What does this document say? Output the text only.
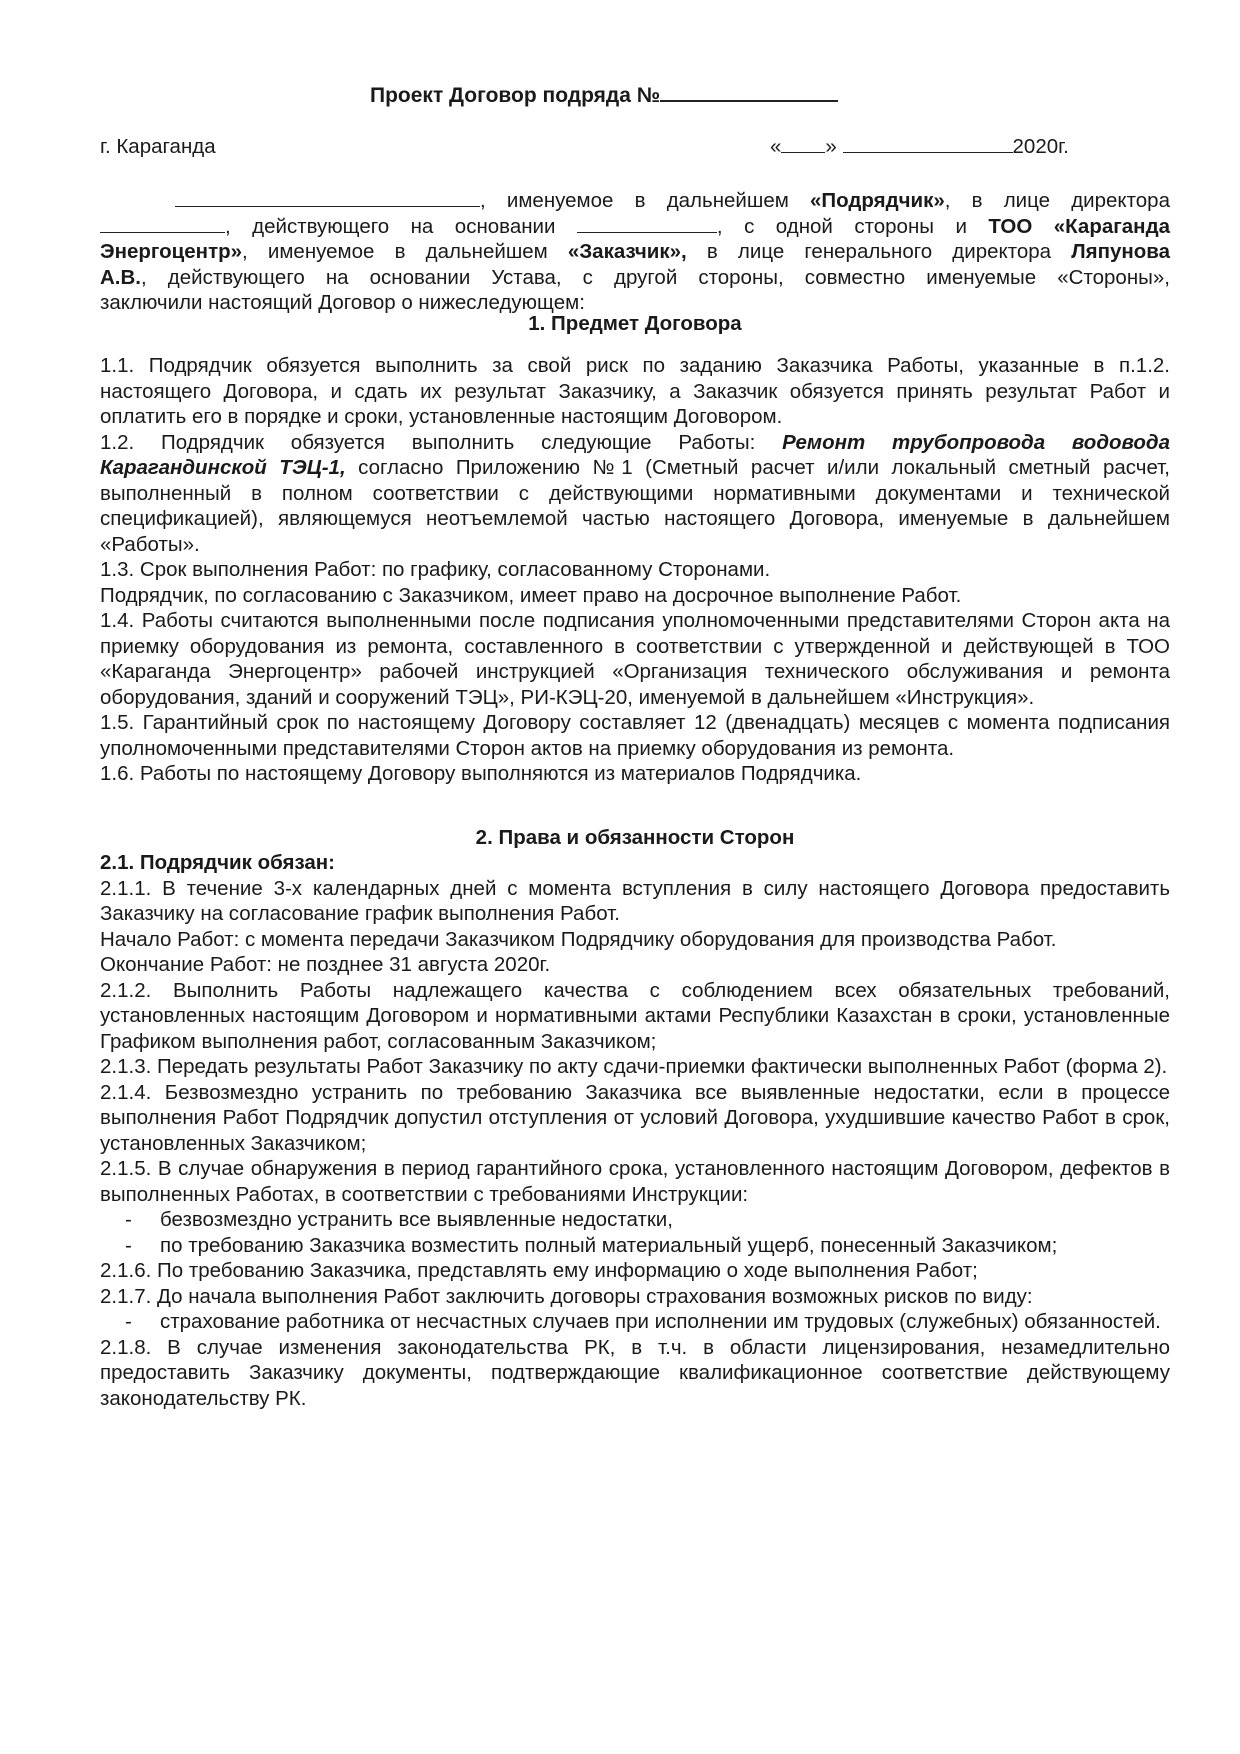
Проект Договор подряда №
г. Караганда	« »	2020г.
, именуемое в дальнейшем «Подрядчик», в лице директора
, действующего на основании	, с одной стороны и ТОО «Караганда
Энергоцентр», именуемое в дальнейшем «Заказчик», в лице генерального директора Ляпунова
А.В., действующего на основании Устава, с другой стороны, совместно именуемые «Стороны»,
заключили настоящий Договор о нижеследующем:
1. Предмет Договора
1.1. Подрядчик обязуется выполнить за свой риск по заданию Заказчика Работы, указанные в п.1.2. настоящего Договора, и сдать их результат Заказчику, а Заказчик обязуется принять результат Работ и оплатить его в порядке и сроки, установленные настоящим Договором.
1.2. Подрядчик обязуется выполнить следующие Работы: Ремонт трубопровода водовода Карагандинской ТЭЦ-1, согласно Приложению №1 (Сметный расчет и/или локальный сметный расчет, выполненный в полном соответствии с действующими нормативными документами и технической спецификацией), являющемуся неотъемлемой частью настоящего Договора, именуемые в дальнейшем «Работы».
1.3. Срок выполнения Работ: по графику, согласованному Сторонами.
Подрядчик, по согласованию с Заказчиком, имеет право на досрочное выполнение Работ.
1.4. Работы считаются выполненными после подписания уполномоченными представителями Сторон акта на приемку оборудования из ремонта, составленного в соответствии с утвержденной и действующей в ТОО «Караганда Энергоцентр» рабочей инструкцией «Организация технического обслуживания и ремонта оборудования, зданий и сооружений ТЭЦ», РИ-КЭЦ-20, именуемой в дальнейшем «Инструкция».
1.5. Гарантийный срок по настоящему Договору составляет 12 (двенадцать) месяцев с момента подписания уполномоченными представителями Сторон актов на приемку оборудования из ремонта.
1.6. Работы по настоящему Договору выполняются из материалов Подрядчика.
2. Права и обязанности Сторон
2.1. Подрядчик обязан:
2.1.1. В течение 3-х календарных дней с момента вступления в силу настоящего Договора предоставить Заказчику на согласование график выполнения Работ.
Начало Работ: с момента передачи Заказчиком Подрядчику оборудования для производства Работ.
Окончание Работ: не позднее 31 августа 2020г.
2.1.2. Выполнить Работы надлежащего качества с соблюдением всех обязательных требований, установленных настоящим Договором и нормативными актами Республики Казахстан в сроки, установленные Графиком выполнения работ, согласованным Заказчиком;
2.1.3. Передать результаты Работ Заказчику по акту сдачи-приемки фактически выполненных Работ (форма 2).
2.1.4. Безвозмездно устранить по требованию Заказчика все выявленные недостатки, если в процессе выполнения Работ Подрядчик допустил отступления от условий Договора, ухудшившие качество Работ в срок, установленных Заказчиком;
2.1.5. В случае обнаружения в период гарантийного срока, установленного настоящим Договором, дефектов в выполненных Работах, в соответствии с требованиями Инструкции:
- безвозмездно устранить все выявленные недостатки,
- по требованию Заказчика возместить полный материальный ущерб, понесенный Заказчиком;
2.1.6. По требованию Заказчика, представлять ему информацию о ходе выполнения Работ;
2.1.7. До начала выполнения Работ заключить договоры страхования возможных рисков по виду:
- страхование работника от несчастных случаев при исполнении им трудовых (служебных) обязанностей.
2.1.8. В случае изменения законодательства РК, в т.ч. в области лицензирования, незамедлительно предоставить Заказчику документы, подтверждающие квалификационное соответствие действующему законодательству РК.
